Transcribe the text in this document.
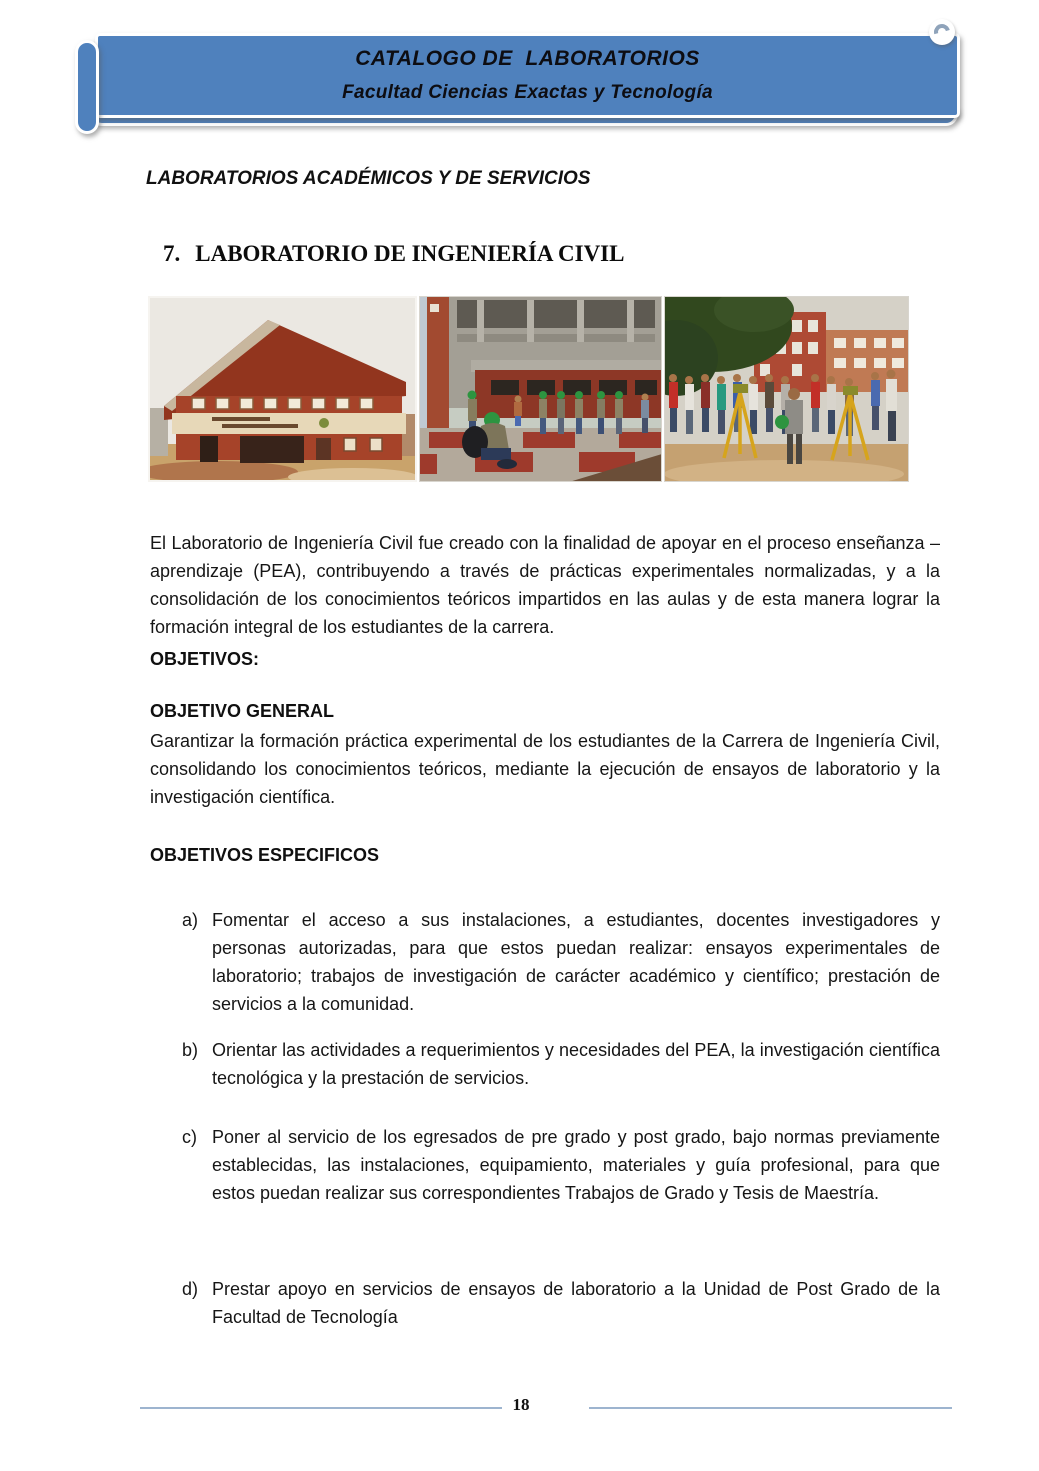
CATALOGO DE  LABORATORIOS
Facultad Ciencias Exactas y Tecnología
LABORATORIOS ACADÉMICOS Y DE SERVICIOS
7. LABORATORIO DE INGENIERÍA CIVIL

El Laboratorio de Ingeniería Civil fue creado con la finalidad de apoyar en el proceso enseñanza – aprendizaje (PEA), contribuyendo a través de prácticas experimentales normalizadas, y a la consolidación de los conocimientos teóricos impartidos en las aulas y de esta manera lograr la formación integral de los estudiantes de la carrera.

OBJETIVOS:
OBJETIVO GENERAL

Garantizar la formación práctica experimental de los estudiantes de la Carrera de Ingeniería Civil, consolidando los conocimientos teóricos, mediante la ejecución de ensayos de laboratorio y la investigación científica.

OBJETIVOS ESPECIFICOS
a) Fomentar el acceso a sus instalaciones, a estudiantes, docentes investigadores y personas autorizadas, para que estos puedan realizar: ensayos experimentales de laboratorio; trabajos de investigación de carácter académico y científico; prestación de servicios a la comunidad.
b) Orientar las actividades a requerimientos y necesidades del PEA, la investigación científica tecnológica y la prestación de servicios.
c) Poner al servicio de los egresados de pre grado y post grado, bajo normas previamente establecidas, las instalaciones, equipamiento, materiales y guía profesional, para que estos puedan realizar sus correspondientes Trabajos de Grado y Tesis de Maestría.
d) Prestar apoyo en servicios de ensayos de laboratorio a la Unidad de Post Grado de la Facultad de Tecnología
18
